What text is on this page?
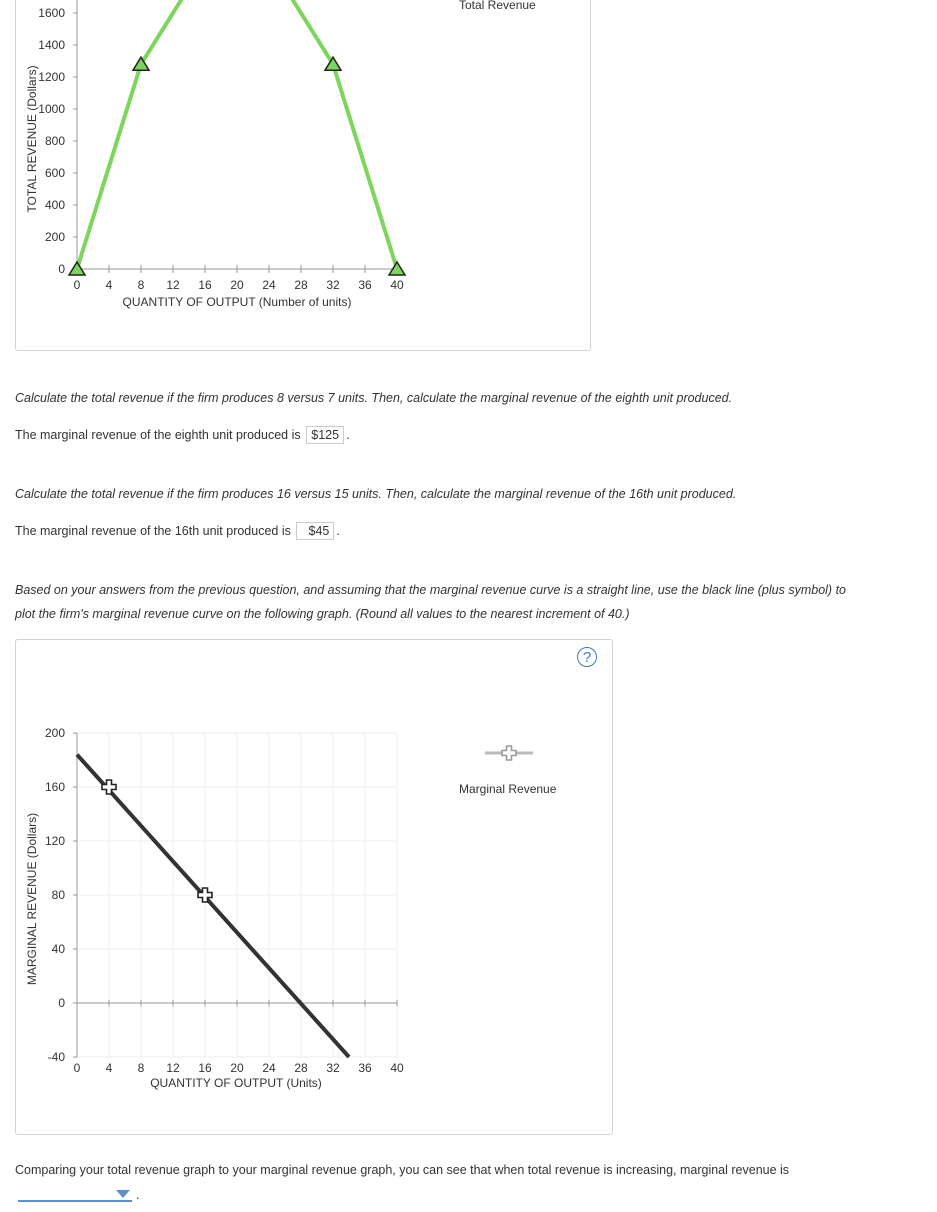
0
200
400
600
800
1000
1200
1400
1600
0 4 8 12 16 20 24 28 32 36 40
QUANTITY OF OUTPUT (Number of units)
TOTAL REVENUE (Dollars)
Total Revenue
Calculate the total revenue if the firm produces 8 versus 7 units. Then, calculate the marginal revenue of the eighth unit produced.
The marginal revenue of the eighth unit produced is $125 .
Calculate the total revenue if the firm produces 16 versus 15 units. Then, calculate the marginal revenue of the 16th unit produced.
The marginal revenue of the 16th unit produced is $45 .
Based on your answers from the previous question, and assuming that the marginal revenue curve is a straight line, use the black line (plus symbol) to
plot the firm's marginal revenue curve on the following graph. (Round all values to the nearest increment of 40.)
?
-40
0
40
80
120
160
200
0 4 8 12 16 20 24 28 32 36 40
QUANTITY OF OUTPUT (Units)
MARGINAL REVENUE (Dollars)
Marginal Revenue
Comparing your total revenue graph to your marginal revenue graph, you can see that when total revenue is increasing, marginal revenue is
.
